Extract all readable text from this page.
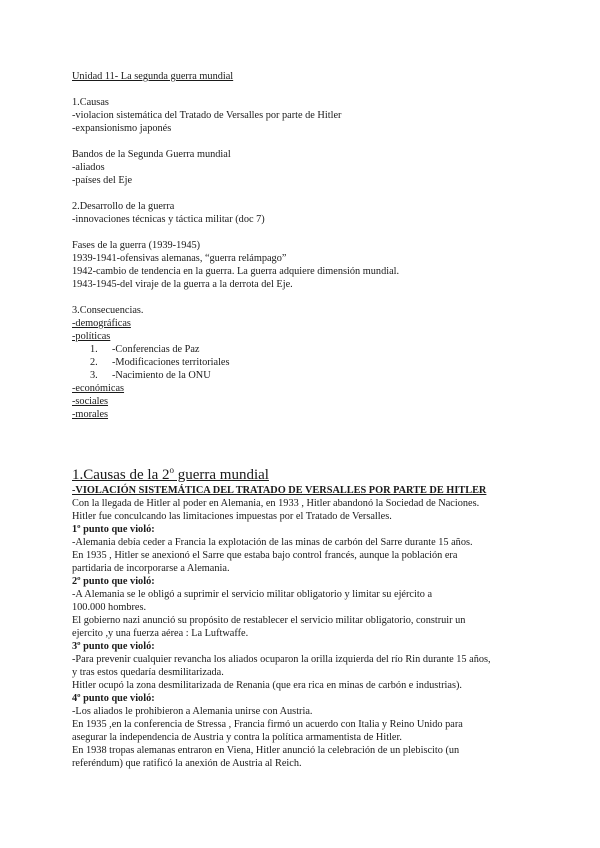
Unidad 11- La segunda guerra mundial
1.Causas
-violacion sistemática del Tratado de Versalles por parte de Hitler
-expansionismo japonés
Bandos de la Segunda Guerra mundial
-aliados
-países del Eje
2.Desarrollo de la guerra
-innovaciones técnicas y táctica militar (doc 7)
Fases de la guerra (1939-1945)
1939-1941-ofensivas alemanas, “guerra relámpago”
1942-cambio de tendencia en la guerra. La guerra adquiere dimensión mundial.
1943-1945-del viraje de la guerra a la derrota del Eje.
3.Consecuencias.
-demográficas
-políticas
1. -Conferencias de Paz
2. -Modificaciones territoriales
3. -Nacimiento de la ONU
-económicas
-sociales
-morales
1.Causas de la 2$^o$ guerra mundial
-VIOLACIÓN SISTEMÁTICA DEL TRATADO DE VERSALLES POR PARTE DE HITLER
Con la llegada de Hitler al poder en Alemania, en 1933 , Hitler abandonó la Sociedad de Naciones.
Hitler fue conculcando las limitaciones impuestas por el Tratado de Versalles.
1º punto que violó:
-Alemania debía ceder a Francia la explotación de las minas de carbón del Sarre durante 15 años.
En 1935 , Hitler se anexionó el Sarre que estaba bajo control francés, aunque la población era
partidaria de incorporarse a Alemania.
2º punto que violó:
-A Alemania se le obligó a suprimir el servicio militar obligatorio y limitar su ejército a
100.000 hombres.
El gobierno nazi anunció su propósito de restablecer el servicio militar obligatorio, construir un
ejercito ,y una fuerza aérea : La Luftwaffe.
3º punto que violó:
-Para prevenir cualquier revancha los aliados ocuparon la orilla izquierda del río Rin durante 15 años,
y tras estos quedaría desmilitarizada.
Hitler ocupó la zona desmilitarizada de Renania (que era rica en minas de carbón e industrias).
4º punto que violó:
-Los aliados le prohibieron a Alemania unirse con Austria.
En 1935 ,en la conferencia de Stressa , Francia firmó un acuerdo con Italia y Reino Unido para
asegurar la independencia de Austria y contra la política armamentista de Hitler.
En 1938 tropas alemanas entraron en Viena, Hitler anunció la celebración de un plebiscito (un
referéndum) que ratificó la anexión de Austria al Reich.
